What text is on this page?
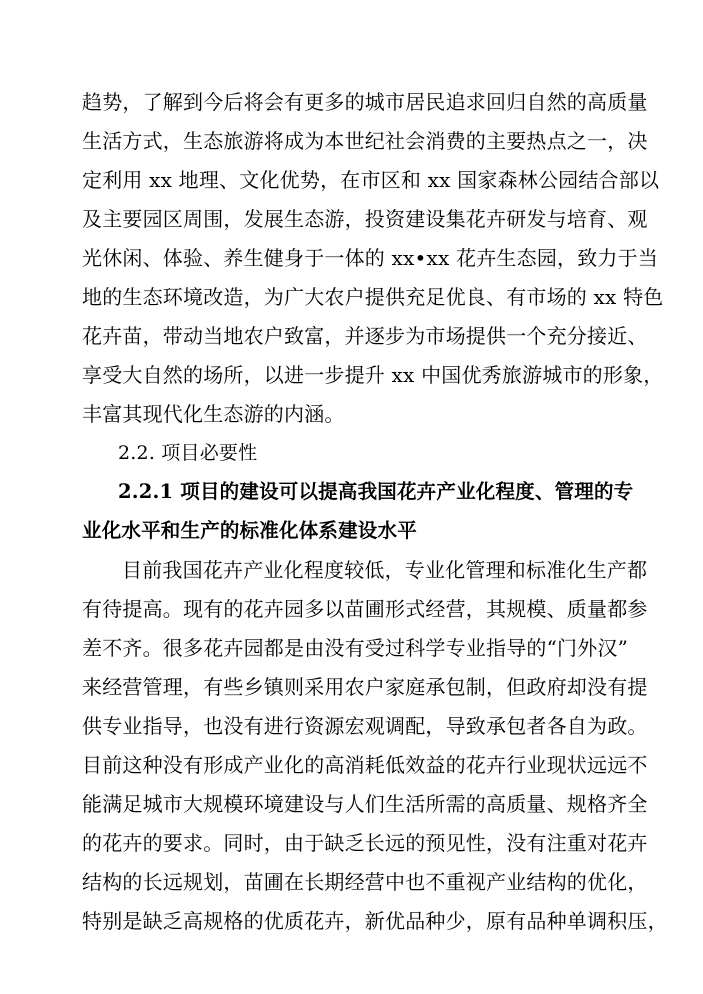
趋势，了解到今后将会有更多的城市居民追求回归自然的高质量
生活方式，生态旅游将成为本世纪社会消费的主要热点之一，决
定利用 xx 地理、文化优势，在市区和 xx 国家森林公园结合部以
及主要园区周围，发展生态游，投资建设集花卉研发与培育、观
光休闲、体验、养生健身于一体的 xx•xx 花卉生态园，致力于当
地的生态环境改造，为广大农户提供充足优良、有市场的 xx 特色
花卉苗，带动当地农户致富，并逐步为市场提供一个充分接近、
享受大自然的场所，以进一步提升 xx 中国优秀旅游城市的形象，
丰富其现代化生态游的内涵。
2.2. 项目必要性
2.2.1 项目的建设可以提高我国花卉产业化程度、管理的专
业化水平和生产的标准化体系建设水平
目前我国花卉产业化程度较低，专业化管理和标准化生产都
有待提高。现有的花卉园多以苗圃形式经营，其规模、质量都参
差不齐。很多花卉园都是由没有受过科学专业指导的“门外汉”
来经营管理，有些乡镇则采用农户家庭承包制，但政府却没有提
供专业指导，也没有进行资源宏观调配，导致承包者各自为政。
目前这种没有形成产业化的高消耗低效益的花卉行业现状远远不
能满足城市大规模环境建设与人们生活所需的高质量、规格齐全
的花卉的要求。同时，由于缺乏长远的预见性，没有注重对花卉
结构的长远规划，苗圃在长期经营中也不重视产业结构的优化，
特别是缺乏高规格的优质花卉，新优品种少，原有品种单调积压，
